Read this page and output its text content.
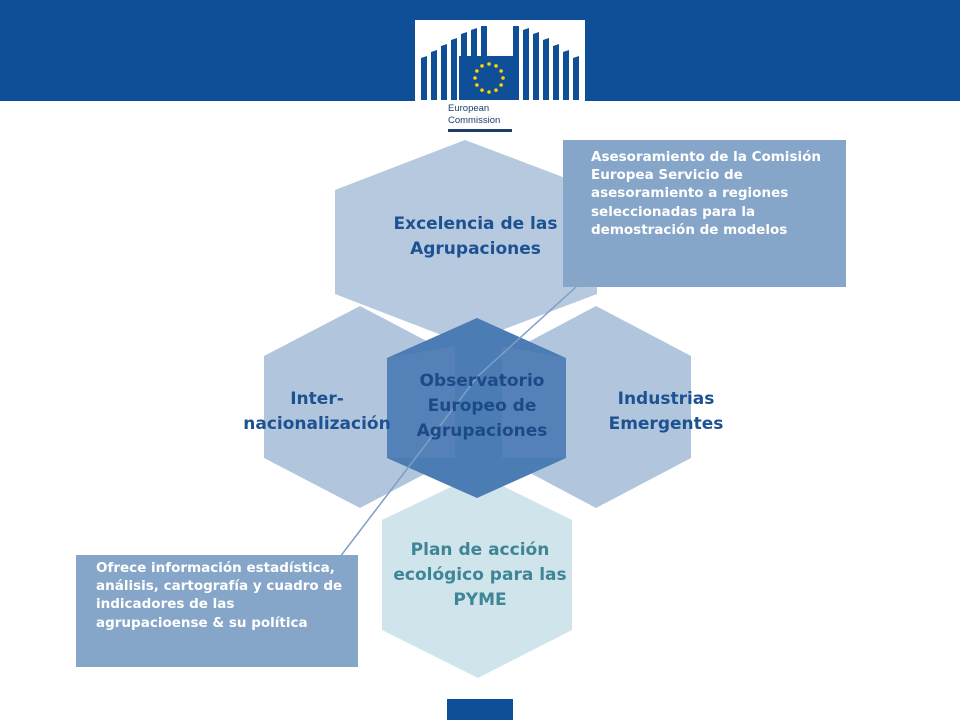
European
Commission
Excelencia de las Agrupaciones
Inter-nacionalización
Industrias Emergentes
Plan de acción ecológico para las PYME
Observatorio Europeo de Agrupaciones
Asesoramiento de la Comisión Europea Servicio de asesoramiento a regiones seleccionadas para la demostración de modelos
Ofrece información estadística, análisis, cartografía y cuadro de indicadores de las agrupacioense & su política
